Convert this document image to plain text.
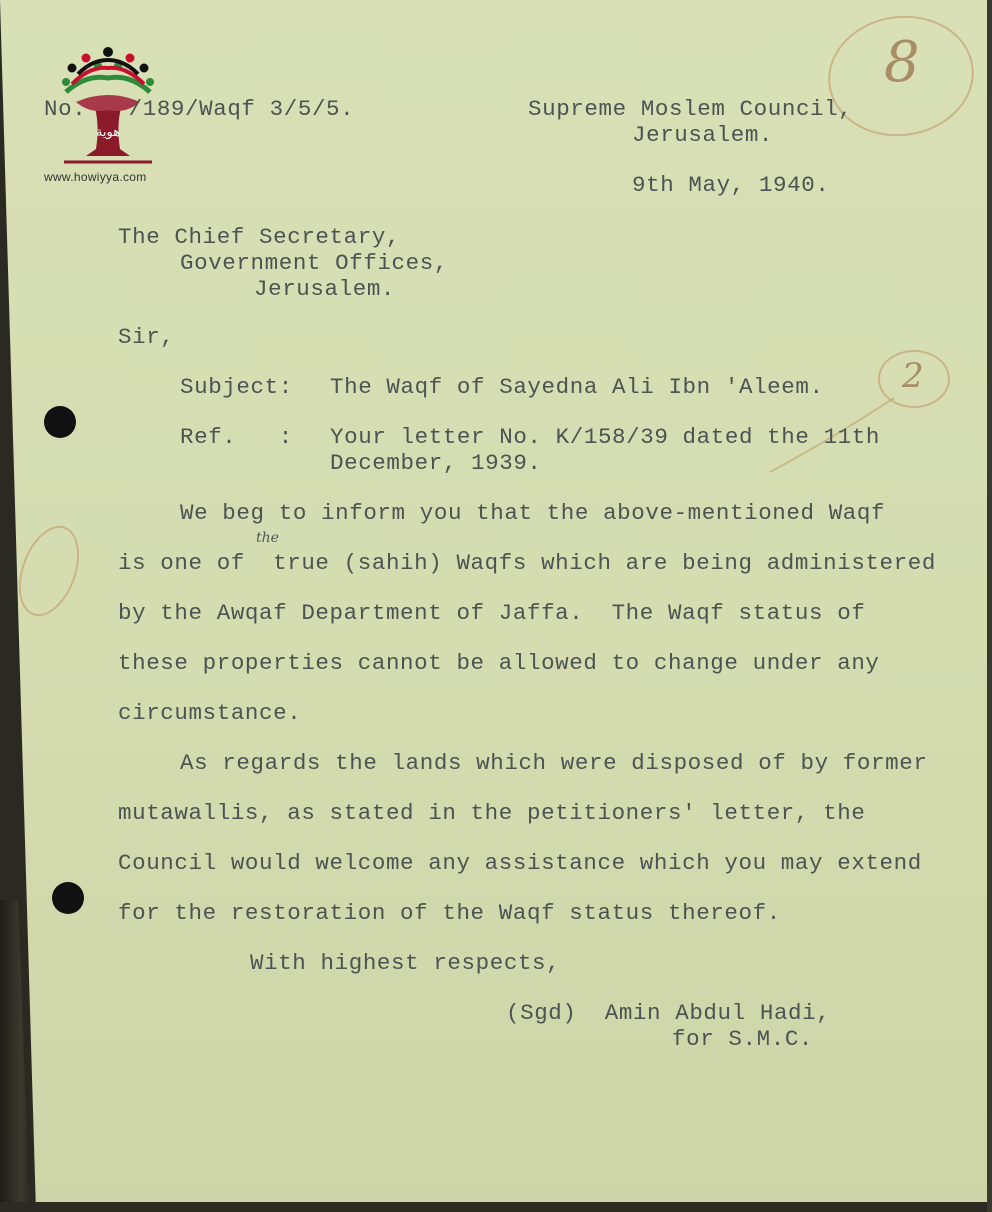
هوية
www.howiyya.com
8
2
No.   /189/Waqf 3/5/5.	Supreme Moslem Council,
Jerusalem.
9th May, 1940.
The Chief Secretary,
Government Offices,
Jerusalem.
Sir,
Subject: The Waqf of Sayedna Ali Ibn 'Aleem.
Ref.   : Your letter No. K/158/39 dated the 11th
December, 1939.
We beg to inform you that the above-mentioned Waqf
is one of  true (sahih) Waqfs which are being administered
the
by the Awqaf Department of Jaffa.  The Waqf status of
these properties cannot be allowed to change under any
circumstance.
As regards the lands which were disposed of by former
mutawallis, as stated in the petitioners' letter, the
Council would welcome any assistance which you may extend
for the restoration of the Waqf status thereof.
With highest respects,
(Sgd)  Amin Abdul Hadi,
for S.M.C.
